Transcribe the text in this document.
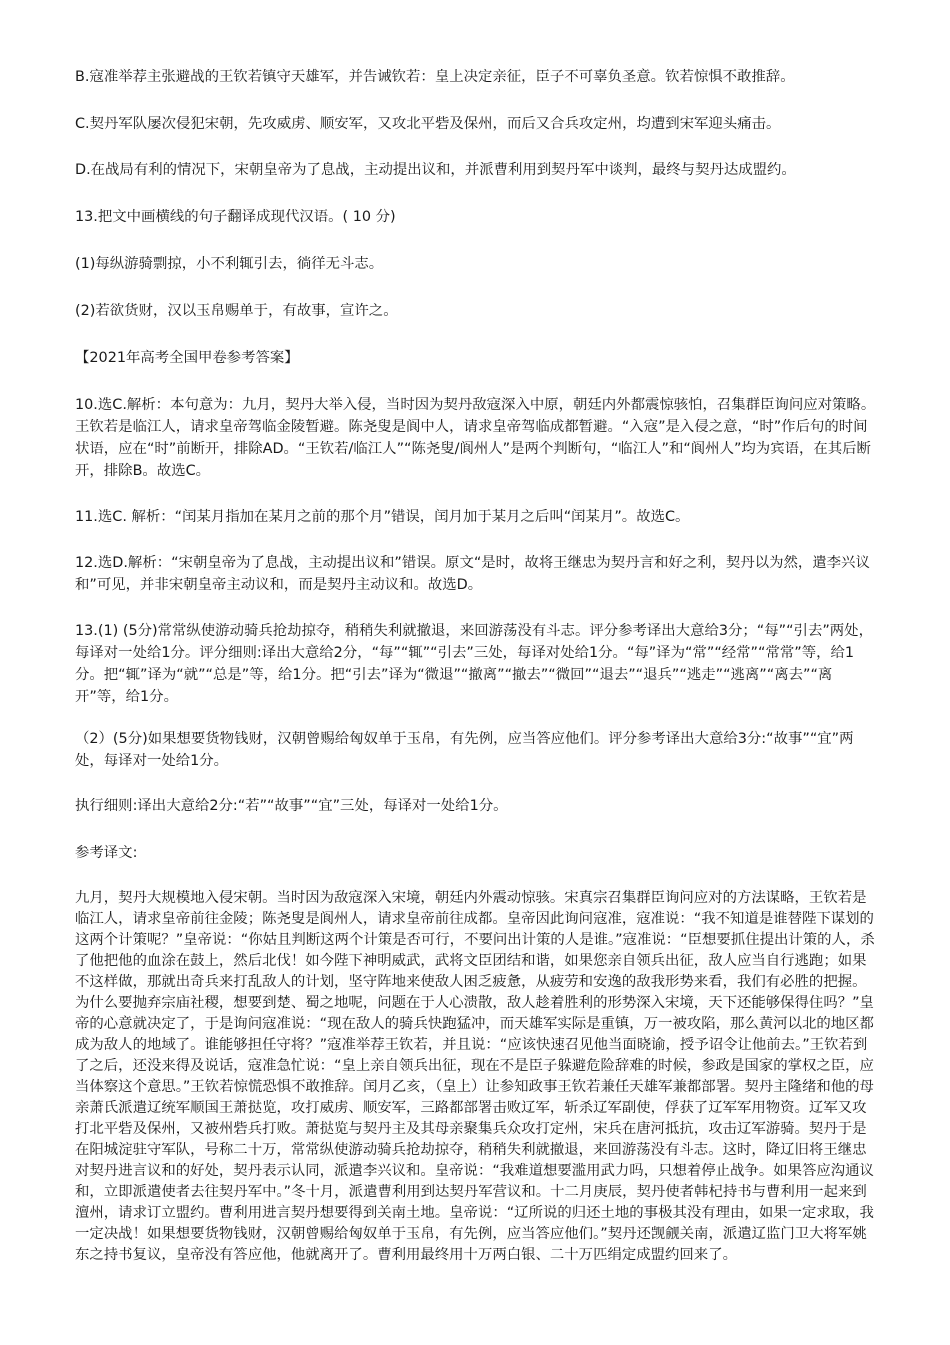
B.寇准举荐主张避战的王钦若镇守天雄军，并告诫钦若：皇上决定亲征，臣子不可辜负圣意。钦若惊惧不敢推辞。

C.契丹军队屡次侵犯宋朝，先攻威虏、顺安军，又攻北平砦及保州，而后又合兵攻定州，均遭到宋军迎头痛击。

D.在战局有利的情况下，宋朝皇帝为了息战，主动提出议和，并派曹利用到契丹军中谈判，最终与契丹达成盟约。

13.把文中画横线的句子翻译成现代汉语。( 10 分)

(1)每纵游骑剽掠，小不利辄引去，徜徉无斗志。

(2)若欲货财，汉以玉帛赐单于，有故事，宣许之。

【2021年高考全国甲卷参考答案】

10.选C.解析：本句意为：九月，契丹大举入侵，当时因为契丹敌寇深入中原，朝廷内外都震惊骇怕，召集群臣询问应对策略。王钦若是临江人，请求皇帝驾临金陵暂避。陈尧叟是阆中人，请求皇帝驾临成都暂避。“入寇”是入侵之意，“时”作后句的时间状语，应在“时”前断开，排除AD。“王钦若/临江人”“陈尧叟/阆州人”是两个判断句，“临江人”和“阆州人”均为宾语，在其后断开，排除B。故选C。

11.选C. 解析：“闰某月指加在某月之前的那个月”错误，闰月加于某月之后叫“闰某月”。故选C。

12.选D.解析：“宋朝皇帝为了息战，主动提出议和”错误。原文“是时，故将王继忠为契丹言和好之利，契丹以为然，遣李兴议和”可见，并非宋朝皇帝主动议和，而是契丹主动议和。故选D。

13.(1) (5分)常常纵使游动骑兵抢劫掠夺，稍稍失利就撤退，来回游荡没有斗志。评分参考译出大意给3分；“每”“引去”两处，每译对一处给1分。评分细则:译出大意给2分，“每”“辄”“引去”三处，每译对处给1分。“每”译为“常”“经常”“常常”等，给1分。把“辄”译为“就”“总是”等，给1分。把“引去”译为“微退”“撤离”“撤去”“微回”“退去”“退兵”“逃走”“逃离”“离去”“离开”等，给1分。

（2）(5分)如果想要货物钱财，汉朝曾赐给匈奴单于玉帛，有先例，应当答应他们。评分参考译出大意给3分:“故事”“宜”两处，每译对一处给1分。

执行细则:译出大意给2分:“若”“故事”“宜”三处，每译对一处给1分。

参考译文:

九月，契丹大规模地入侵宋朝。当时因为敌寇深入宋境，朝廷内外震动惊骇。宋真宗召集群臣询问应对的方法谋略，王钦若是临江人，请求皇帝前往金陵；陈尧叟是阆州人，请求皇帝前往成都。皇帝因此询问寇准，寇准说：“我不知道是谁替陛下谋划的这两个计策呢？”皇帝说：“你姑且判断这两个计策是否可行，不要问出计策的人是谁。”寇准说：“臣想要抓住提出计策的人，杀了他把他的血涂在鼓上，然后北伐！如今陛下神明威武，武将文臣团结和谐，如果您亲自领兵出征，敌人应当自行逃跑；如果不这样做，那就出奇兵来打乱敌人的计划，坚守阵地来使敌人困乏疲惫，从疲劳和安逸的敌我形势来看，我们有必胜的把握。为什么要抛弃宗庙社稷，想要到楚、蜀之地呢，问题在于人心溃散，敌人趁着胜利的形势深入宋境，天下还能够保得住吗？”皇帝的心意就决定了，于是询问寇准说：“现在敌人的骑兵快跑猛冲，而天雄军实际是重镇，万一被攻陷，那么黄河以北的地区都成为敌人的地域了。谁能够担任守将？”寇准举荐王钦若，并且说：“应该快速召见他当面晓谕，授予诏令让他前去。”王钦若到了之后，还没来得及说话，寇准急忙说：“皇上亲自领兵出征，现在不是臣子躲避危险辞难的时候，参政是国家的掌权之臣，应当体察这个意思。”王钦若惊慌恐惧不敢推辞。闰月乙亥，（皇上）让参知政事王钦若兼任天雄军兼都部署。契丹主隆绪和他的母亲萧氏派遣辽统军顺国王萧挞览，攻打威虏、顺安军，三路都部署击败辽军，斩杀辽军副使，俘获了辽军军用物资。辽军又攻打北平砦及保州，又被州砦兵打败。萧挞览与契丹主及其母亲聚集兵众攻打定州，宋兵在唐河抵抗，攻击辽军游骑。契丹于是在阳城淀驻守军队，号称二十万，常常纵使游动骑兵抢劫掠夺，稍稍失利就撤退，来回游荡没有斗志。这时，降辽旧将王继忠对契丹进言议和的好处，契丹表示认同，派遣李兴议和。皇帝说：“我难道想要滥用武力吗，只想着停止战争。如果答应沟通议和，立即派遣使者去往契丹军中。”冬十月，派遣曹利用到达契丹军营议和。十二月庚辰，契丹使者韩杞持书与曹利用一起来到澶州，请求订立盟约。曹利用进言契丹想要得到关南土地。皇帝说：“辽所说的归还土地的事极其没有理由，如果一定求取，我一定决战！如果想要货物钱财，汉朝曾赐给匈奴单于玉帛，有先例，应当答应他们。”契丹还觊觎关南，派遣辽监门卫大将军姚东之持书复议，皇帝没有答应他，他就离开了。曹利用最终用十万两白银、二十万匹绢定成盟约回来了。
